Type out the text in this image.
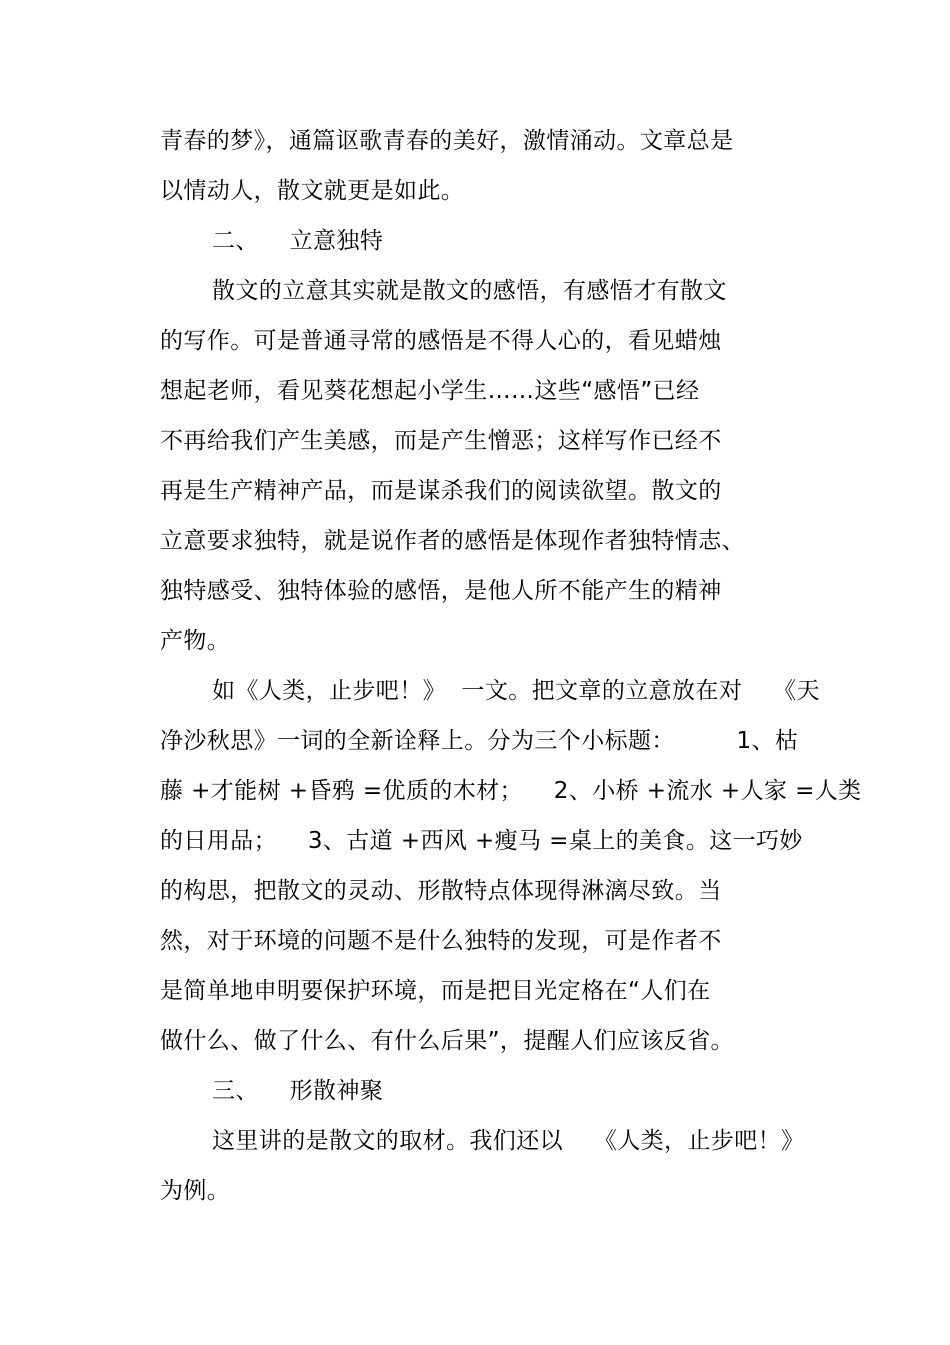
青春的梦》，通篇讴歌青春的美好，激情涌动。文章总是
以情动人，散文就更是如此。
二、    立意独特
散文的立意其实就是散文的感悟，有感悟才有散文
的写作。可是普通寻常的感悟是不得人心的，看见蜡烛
想起老师，看见葵花想起小学生……这些“感悟”已经
不再给我们产生美感，而是产生憎恶；这样写作已经不
再是生产精神产品，而是谋杀我们的阅读欲望。散文的
立意要求独特，就是说作者的感悟是体现作者独特情志、
独特感受、独特体验的感悟，是他人所不能产生的精神
产物。
如《人类，止步吧！》  一文。把文章的立意放在对    《天
净沙秋思》一词的全新诠释上。分为三个小标题：        1、枯
藤 +才能树 +昏鸦 =优质的木材；    2、小桥 +流水 +人家 =人类
的日用品；    3、古道 +西风 +瘦马 =桌上的美食。这一巧妙
的构思，把散文的灵动、形散特点体现得淋漓尽致。当
然，对于环境的问题不是什么独特的发现，可是作者不
是简单地申明要保护环境，而是把目光定格在“人们在
做什么、做了什么、有什么后果”，提醒人们应该反省。
三、    形散神聚
这里讲的是散文的取材。我们还以    《人类，止步吧！》
为例。
